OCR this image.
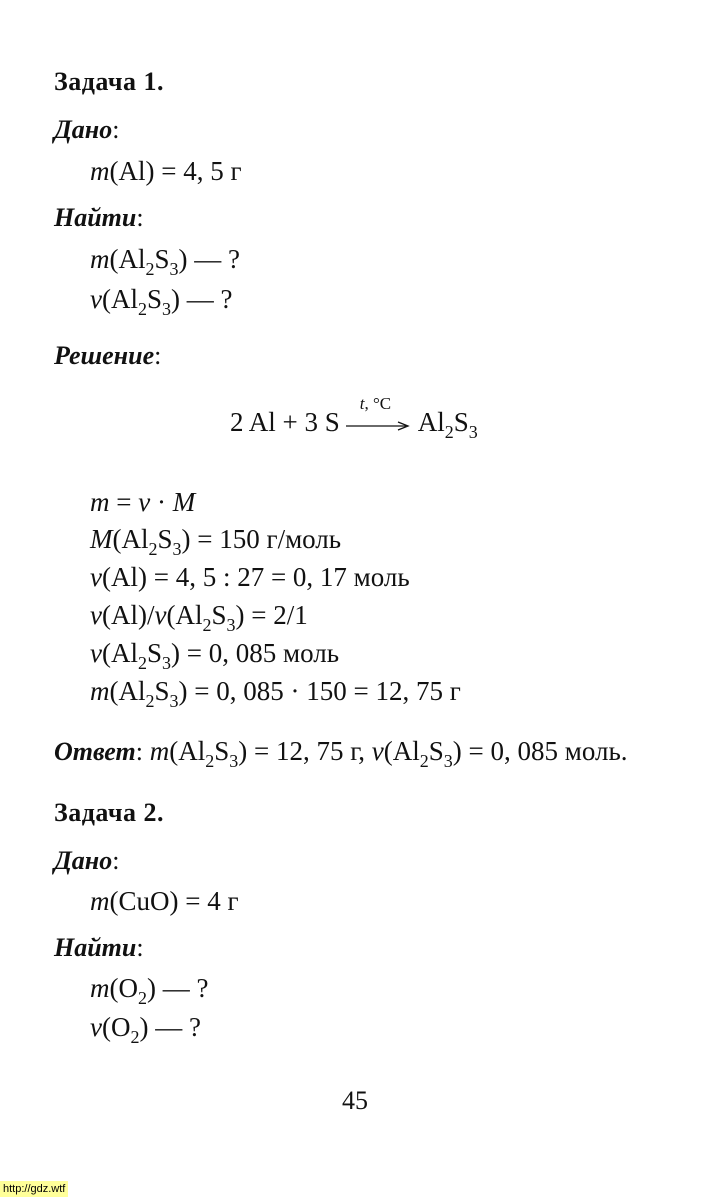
Задача 1.
Дано:
m(Al) = 4, 5 г
Найти:
$m(Al_2S_3)$ — ?
$\nu(Al_2S_3)$ — ?
Решение:
2 Al + 3 S
t, °C
$Al_2S_3$
m = ν · M
$M(Al_2S_3) = 150$ г/моль
ν(Al) = 4, 5 : 27 = 0, 17 моль
$\nu(Al)/\nu(Al_2S_3) = 2/1$
$\nu(Al_2S_3) = 0$, 085 моль
$m(Al_2S_3) = 0$, 085 · 150 = 12, 75 г
Ответ: $m(Al_2S_3) = 12$, 75 г, $\nu(Al_2S_3) = 0$, 085 моль.
Задача 2.
Дано:
m(CuO) = 4 г
Найти:
$m(O_2)$ — ?
$\nu(O_2)$ — ?
45
http://gdz.wtf
